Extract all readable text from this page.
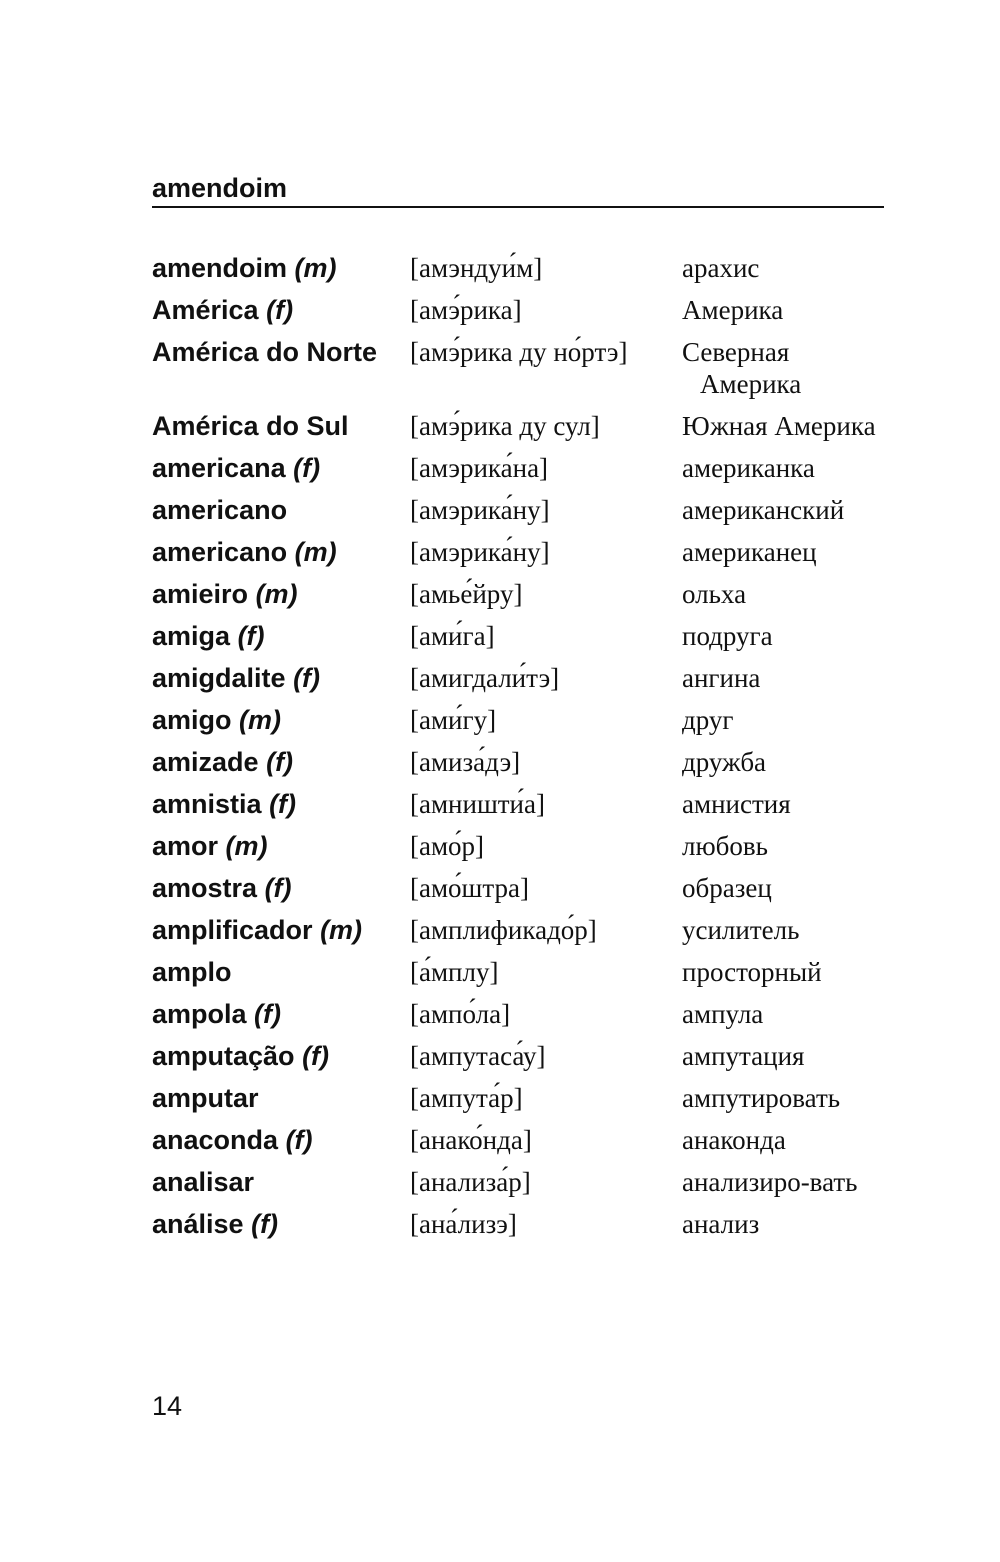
amendoim
amendoim (m)	[амэндуи́м]	арахис
América (f)	[амэ́рика]	Америка
América do Norte	[амэ́рика ду но́ртэ]	Северная Америка
América do Sul	[амэ́рика ду сул]	Южная Америка
americana (f)	[амэрика́на]	американка
americano	[амэрика́ну]	американский
americano (m)	[амэрика́ну]	американец
amieiro (m)	[амье́йру]	ольха
amiga (f)	[ами́га]	подруга
amigdalite (f)	[амигдали́тэ]	ангина
amigo (m)	[ами́гу]	друг
amizade (f)	[амиза́дэ]	дружба
amnistia (f)	[амништи́а]	амнистия
amor (m)	[амо́р]	любовь
amostra (f)	[амо́штра]	образец
amplificador (m)	[амплификадо́р]	усилитель
amplo	[а́мплу]	просторный
ampola (f)	[ампо́ла]	ампула
amputação (f)	[ампутаса́у]	ампутация
amputar	[ампута́р]	ампутировать
anaconda (f)	[анако́нда]	анаконда
analisar	[анализа́р]	анализиро-вать
análise (f)	[ана́лизэ]	анализ
14
